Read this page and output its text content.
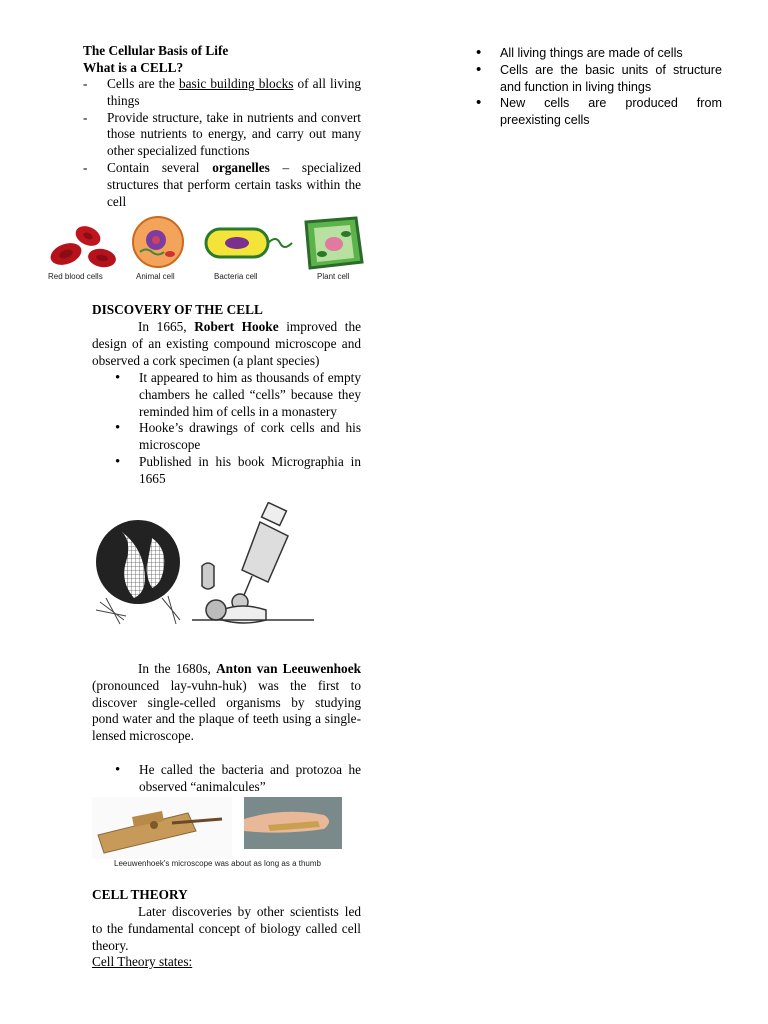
The Cellular Basis of Life
What is a CELL?
- Cells are the basic building blocks of all living things
- Provide structure, take in nutrients and convert those nutrients to energy, and carry out many other specialized functions
- Contain several organelles – specialized structures that perform certain tasks within the cell
Red blood cells	Animal cell	Bacteria cell	Plant cell
DISCOVERY OF THE CELL

In 1665, Robert Hooke improved the design of an existing compound microscope and observed a cork specimen (a plant species)

• It appeared to him as thousands of empty chambers he called “cells” because they reminded him of cells in a monastery
• Hooke’s drawings of cork cells and his microscope
• Published in his book Micrographia in 1665

In the 1680s, Anton van Leeuwenhoek (pronounced lay-vuhn-huk) was the first to discover single-celled organisms by studying pond water and the plaque of teeth using a single-lensed microscope.

• He called the bacteria and protozoa he observed “animalcules”
Leeuwenhoek's microscope was about as long as a thumb
CELL THEORY

Later discoveries by other scientists led to the fundamental concept of biology called cell theory.

Cell Theory states:

• All living things are made of cells
• Cells are the basic units of structure and function in living things
• New cells are produced from preexisting cells
